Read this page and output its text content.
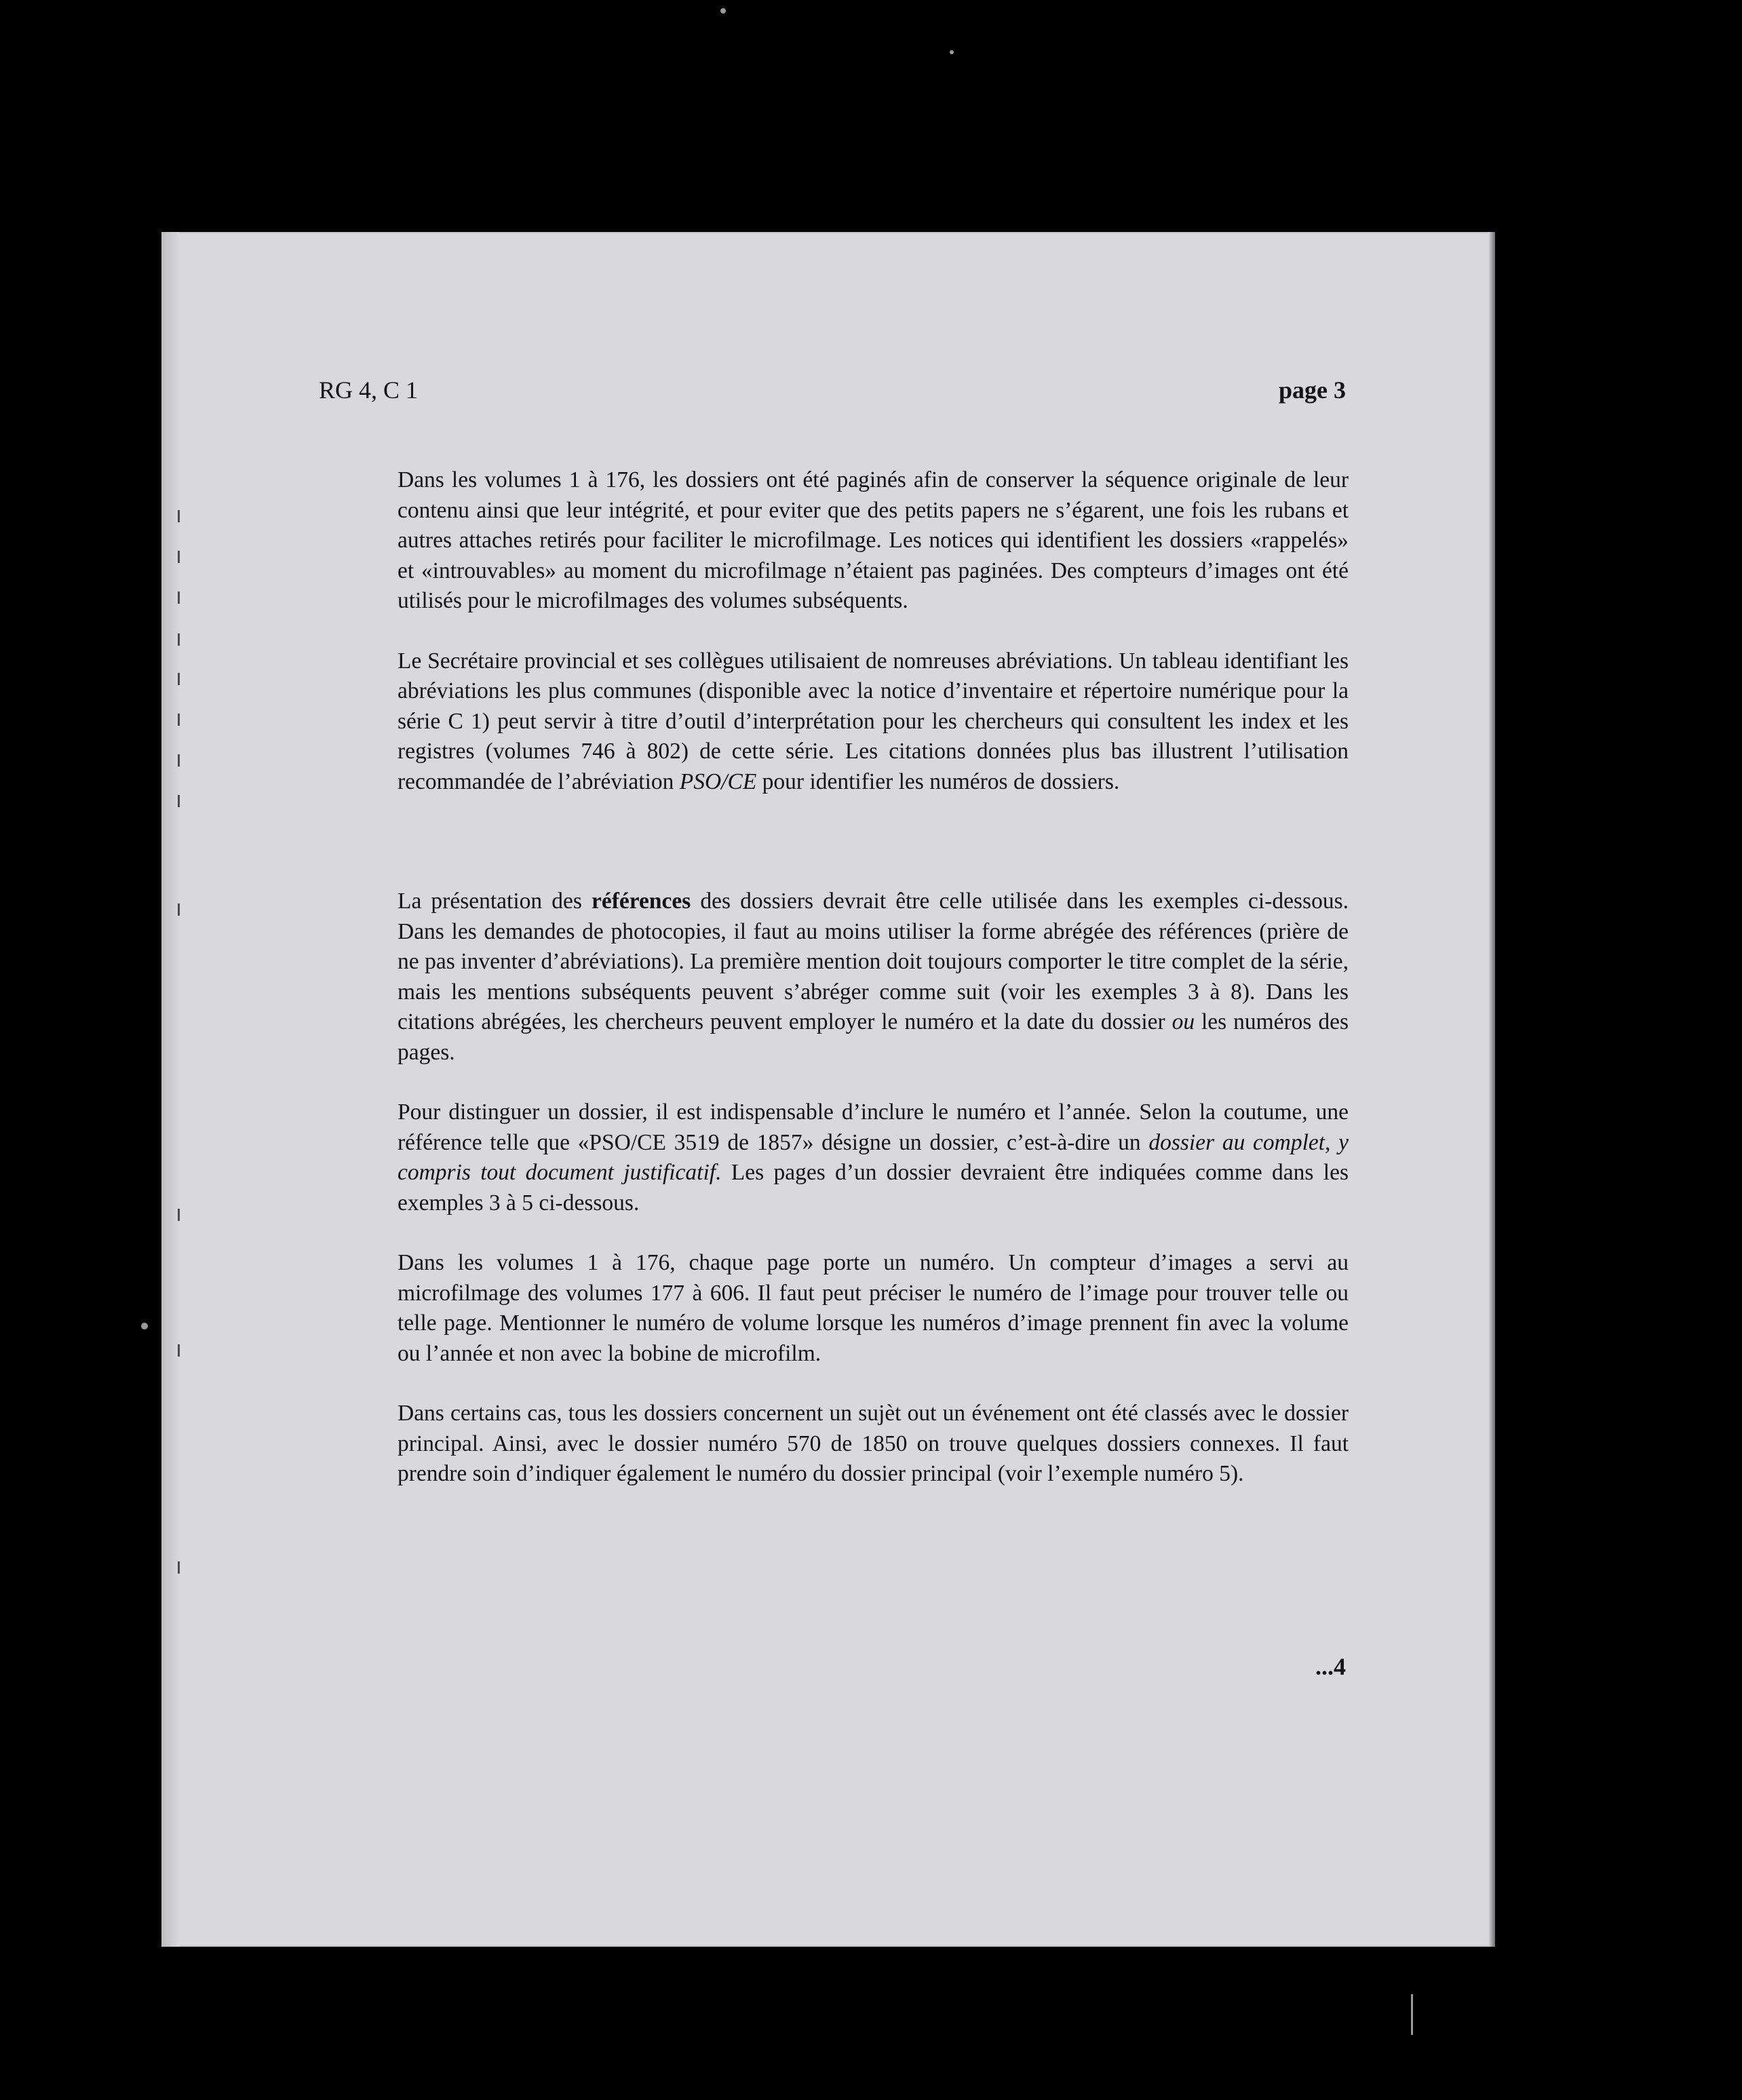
RG 4, C 1	page 3

Dans les volumes 1 à 176, les dossiers ont été paginés afin de conserver la séquence originale de leur contenu ainsi que leur intégrité, et pour eviter que des petits papers ne s’égarent, une fois les rubans et autres attaches retirés pour faciliter le microfilmage. Les notices qui identifient les dossiers «rappelés» et «introuvables» au moment du microfilmage n’étaient pas paginées. Des compteurs d’images ont été utilisés pour le microfilmages des volumes subséquents.

Le Secrétaire provincial et ses collègues utilisaient de nomreuses abréviations. Un tableau identifiant les abréviations les plus communes (disponible avec la notice d’inventaire et répertoire numérique pour la série C 1) peut servir à titre d’outil d’interprétation pour les chercheurs qui consultent les index et les registres (volumes 746 à 802) de cette série. Les citations données plus bas illustrent l’utilisation recommandée de l’abréviation PSO/CE pour identifier les numéros de dossiers.

La présentation des références des dossiers devrait être celle utilisée dans les exemples ci-dessous. Dans les demandes de photocopies, il faut au moins utiliser la forme abrégée des références (prière de ne pas inventer d’abréviations). La première mention doit toujours comporter le titre complet de la série, mais les mentions subséquents peuvent s’abréger comme suit (voir les exemples 3 à 8). Dans les citations abrégées, les chercheurs peuvent employer le numéro et la date du dossier ou les numéros des pages.

Pour distinguer un dossier, il est indispensable d’inclure le numéro et l’année. Selon la coutume, une référence telle que «PSO/CE 3519 de 1857» désigne un dossier, c’est-à-dire un dossier au complet, y compris tout document justificatif. Les pages d’un dossier devraient être indiquées comme dans les exemples 3 à 5 ci-dessous.

Dans les volumes 1 à 176, chaque page porte un numéro. Un compteur d’images a servi au microfilmage des volumes 177 à 606. Il faut peut préciser le numéro de l’image pour trouver telle ou telle page. Mentionner le numéro de volume lorsque les numéros d’image prennent fin avec la volume ou l’année et non avec la bobine de microfilm.

Dans certains cas, tous les dossiers concernent un sujèt out un événement ont été classés avec le dossier principal. Ainsi, avec le dossier numéro 570 de 1850 on trouve quelques dossiers connexes. Il faut prendre soin d’indiquer également le numéro du dossier principal (voir l’exemple numéro 5).

...4
